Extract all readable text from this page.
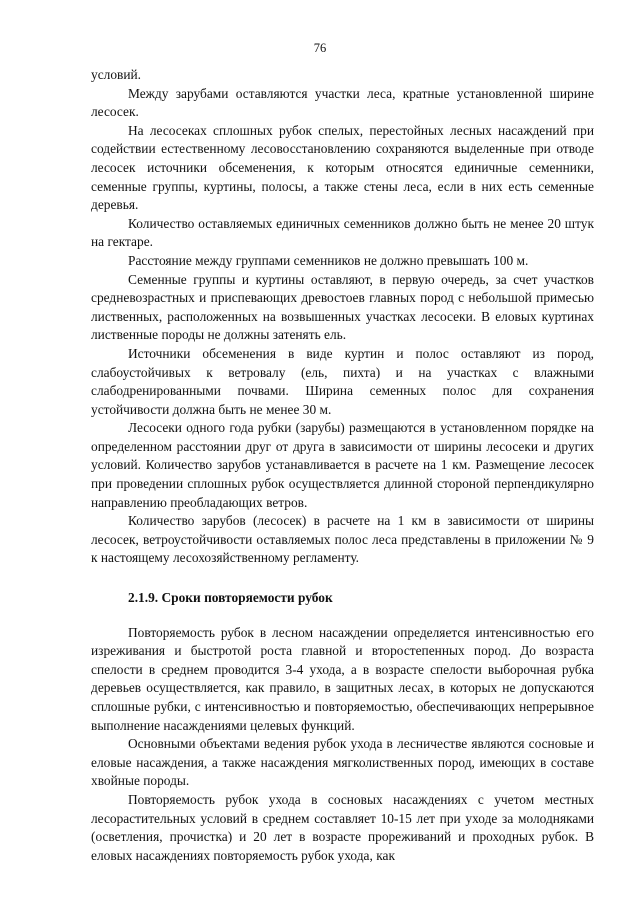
76

условий.

Между зарубами оставляются участки леса, кратные установленной ширине лесосек.

На лесосеках сплошных рубок спелых, перестойных лесных насаждений при содействии естественному лесовосстановлению сохраняются выделенные при отводе лесосек источники обсеменения, к которым относятся единичные семенники, семенные группы, куртины, полосы, а также стены леса, если в них есть семенные деревья.

Количество оставляемых единичных семенников должно быть не менее 20 штук на гектаре.

Расстояние между группами семенников не должно превышать 100 м.

Семенные группы и куртины оставляют, в первую очередь, за счет участков средневозрастных и приспевающих древостоев главных пород с небольшой примесью лиственных, расположенных на возвышенных участках лесосеки. В еловых куртинах лиственные породы не должны затенять ель.

Источники обсеменения в виде куртин и полос оставляют из пород, слабоустойчивых к ветровалу (ель, пихта) и на участках с влажными слабодренированными почвами. Ширина семенных полос для сохранения устойчивости должна быть не менее 30 м.

Лесосеки одного года рубки (зарубы) размещаются в установленном порядке на определенном расстоянии друг от друга в зависимости от ширины лесосеки и других условий. Количество зарубов устанавливается в расчете на 1 км. Размещение лесосек при проведении сплошных рубок осуществляется длинной стороной перпендикулярно направлению преобладающих ветров.

Количество зарубов (лесосек) в расчете на 1 км в зависимости от ширины лесосек, ветроустойчивости оставляемых полос леса представлены в приложении № 9 к настоящему лесохозяйственному регламенту.

2.1.9. Сроки повторяемости рубок

Повторяемость рубок в лесном насаждении определяется интенсивностью его изреживания и быстротой роста главной и второстепенных пород. До возраста спелости в среднем проводится 3-4 ухода, а в возрасте спелости выборочная рубка деревьев осуществляется, как правило, в защитных лесах, в которых не допускаются сплошные рубки, с интенсивностью и повторяемостью, обеспечивающих непрерывное выполнение насаждениями целевых функций.

Основными объектами ведения рубок ухода в лесничестве являются сосновые и еловые насаждения, а также насаждения мягколиственных пород, имеющих в составе хвойные породы.

Повторяемость рубок ухода в сосновых насаждениях с учетом местных лесорастительных условий в среднем составляет 10-15 лет при уходе за молодняками (осветления, прочистка) и 20 лет в возрасте прореживаний и проходных рубок. В еловых насаждениях повторяемость рубок ухода, как
